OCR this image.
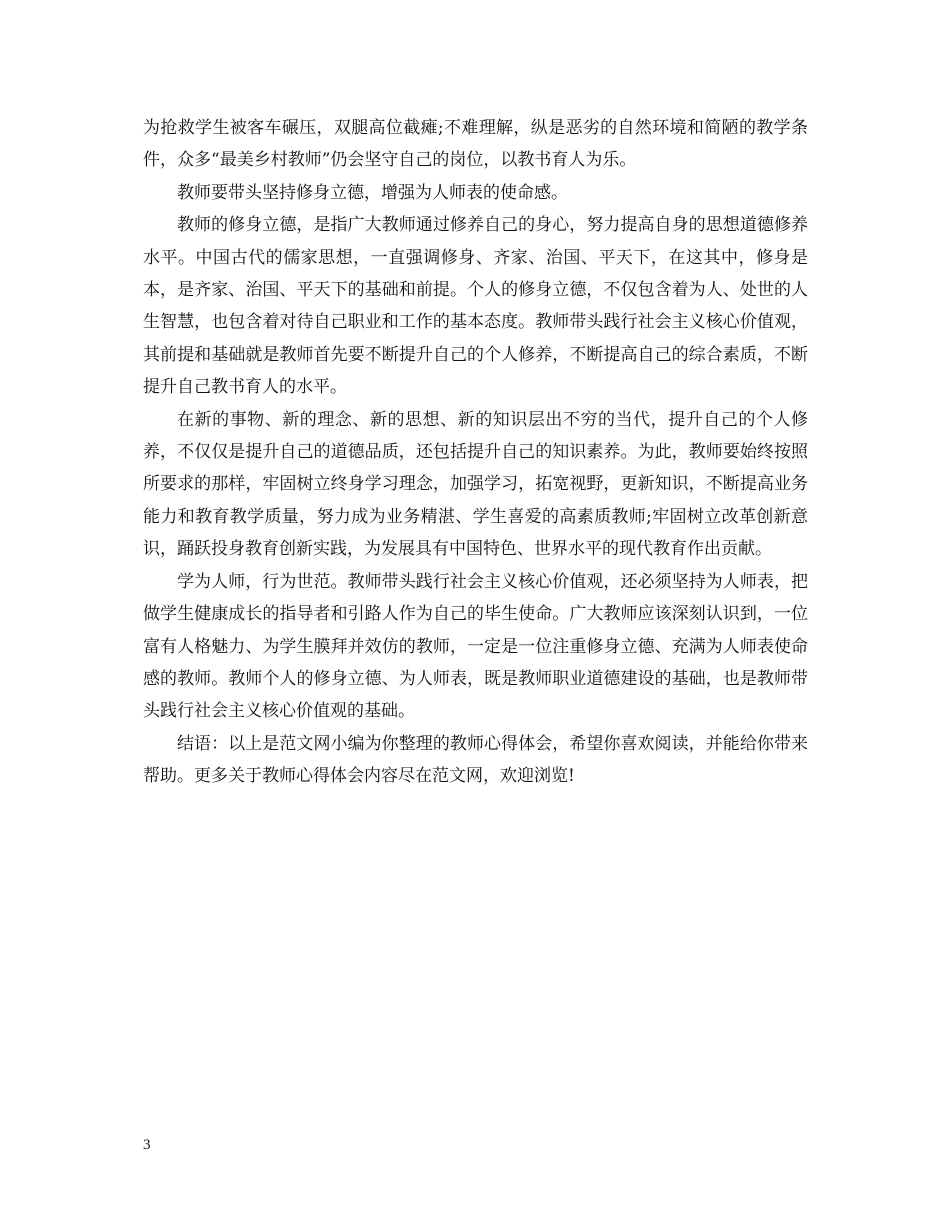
为抢救学生被客车碾压，双腿高位截瘫;不难理解，纵是恶劣的自然环境和简陋的教学条件，众多“最美乡村教师”仍会坚守自己的岗位，以教书育人为乐。

教师要带头坚持修身立德，增强为人师表的使命感。

教师的修身立德，是指广大教师通过修养自己的身心，努力提高自身的思想道德修养水平。中国古代的儒家思想，一直强调修身、齐家、治国、平天下，在这其中，修身是本，是齐家、治国、平天下的基础和前提。个人的修身立德，不仅包含着为人、处世的人生智慧，也包含着对待自己职业和工作的基本态度。教师带头践行社会主义核心价值观，其前提和基础就是教师首先要不断提升自己的个人修养，不断提高自己的综合素质，不断提升自己教书育人的水平。

在新的事物、新的理念、新的思想、新的知识层出不穷的当代，提升自己的个人修养，不仅仅是提升自己的道德品质，还包括提升自己的知识素养。为此，教师要始终按照所要求的那样，牢固树立终身学习理念，加强学习，拓宽视野，更新知识，不断提高业务能力和教育教学质量，努力成为业务精湛、学生喜爱的高素质教师;牢固树立改革创新意识，踊跃投身教育创新实践，为发展具有中国特色、世界水平的现代教育作出贡献。

学为人师，行为世范。教师带头践行社会主义核心价值观，还必须坚持为人师表，把做学生健康成长的指导者和引路人作为自己的毕生使命。广大教师应该深刻认识到，一位富有人格魅力、为学生膜拜并效仿的教师，一定是一位注重修身立德、充满为人师表使命感的教师。教师个人的修身立德、为人师表，既是教师职业道德建设的基础，也是教师带头践行社会主义核心价值观的基础。

结语：以上是范文网小编为你整理的教师心得体会，希望你喜欢阅读，并能给你带来帮助。更多关于教师心得体会内容尽在范文网，欢迎浏览!

3
